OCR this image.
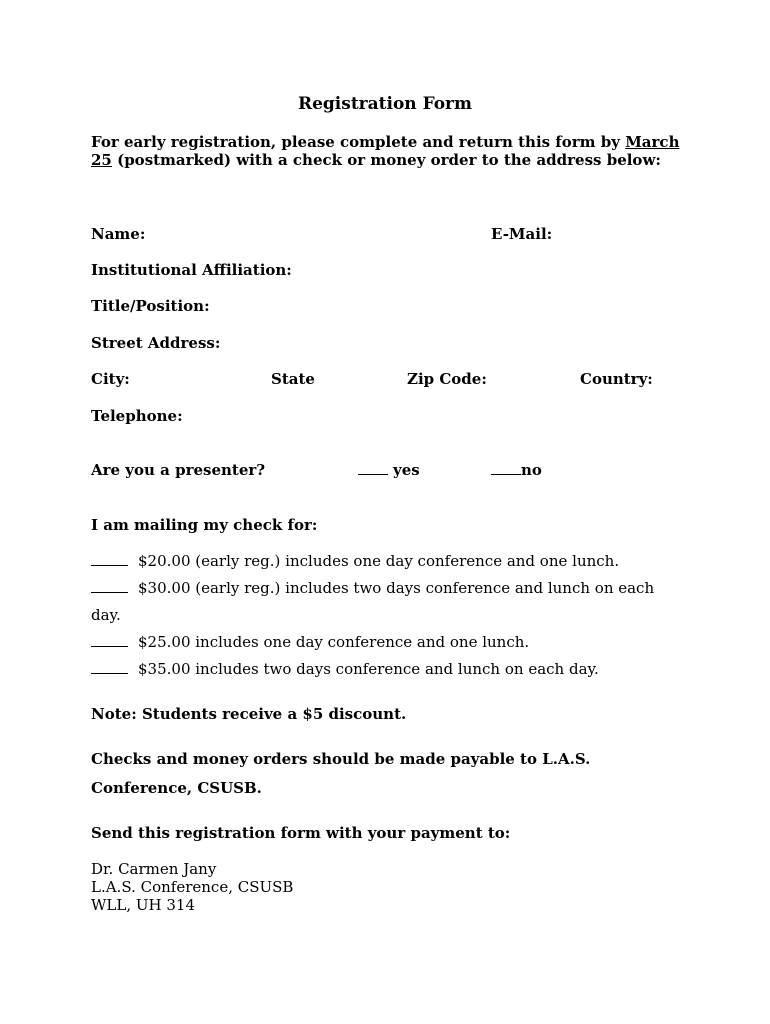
Registration Form
For early registration, please complete and return this form by March 25 (postmarked) with a check or money order to the address below:
Name:	E-Mail:
Institutional Affiliation:
Title/Position:
Street Address:
City:	State	Zip Code:	Country:
Telephone:
Are you a presenter?	yes	no
I am mailing my check for:
$20.00 (early reg.) includes one day conference and one lunch.
$30.00 (early reg.) includes two days conference and lunch on each
day.
$25.00 includes one day conference and one lunch.
$35.00 includes two days conference and lunch on each day.
Note: Students receive a $5 discount.
Checks and money orders should be made payable to L.A.S.
Conference, CSUSB.
Send this registration form with your payment to:
Dr. Carmen Jany
L.A.S. Conference, CSUSB
WLL, UH 314
